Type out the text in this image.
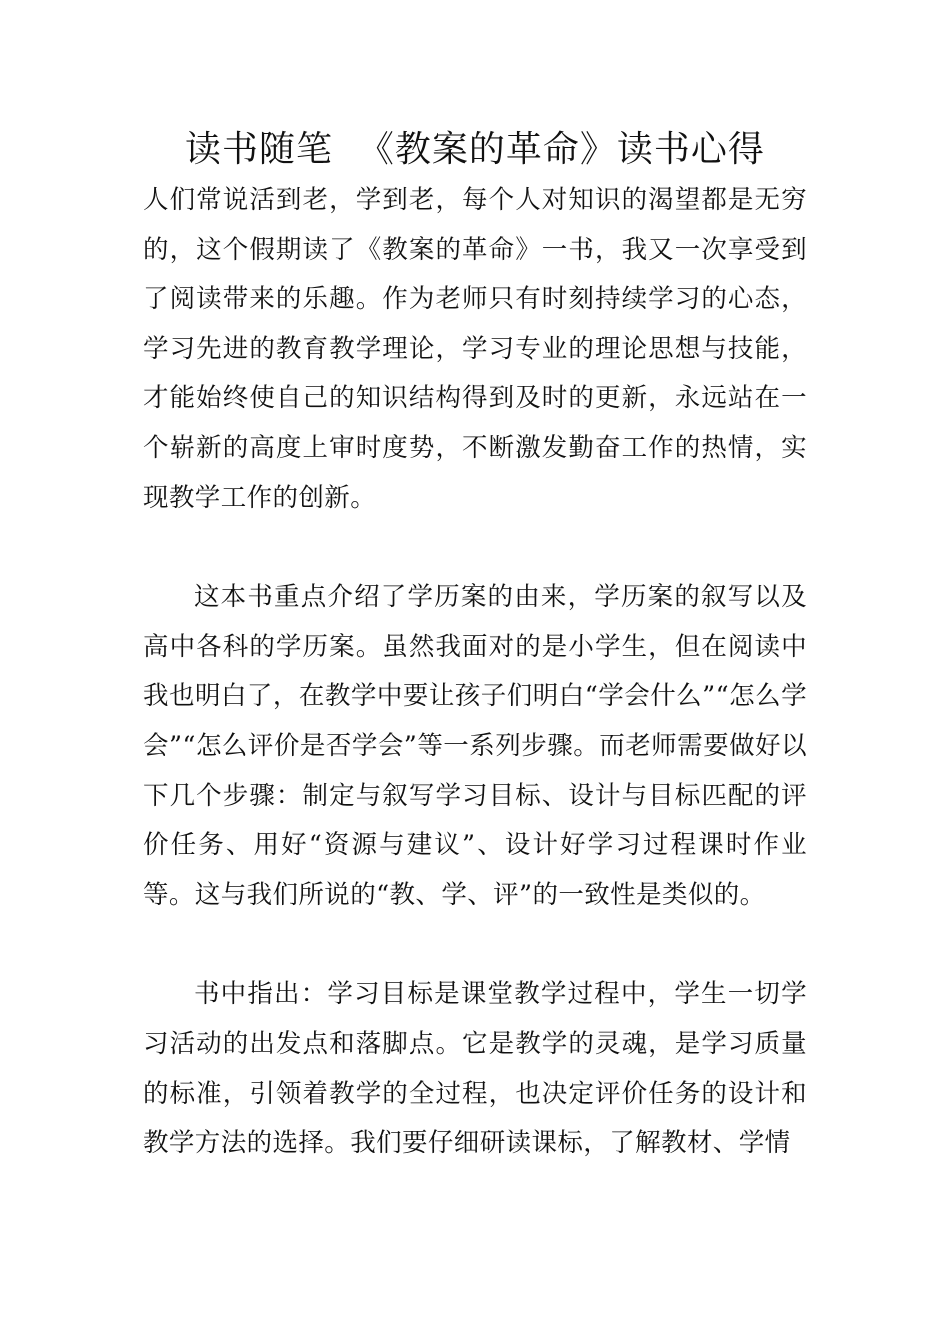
读书随笔  《教案的革命》读书心得

人们常说活到老，学到老，每个人对知识的渴望都是无穷的，这个假期读了《教案的革命》一书，我又一次享受到了阅读带来的乐趣。作为老师只有时刻持续学习的心态，学习先进的教育教学理论，学习专业的理论思想与技能，才能始终使自己的知识结构得到及时的更新，永远站在一个崭新的高度上审时度势，不断激发勤奋工作的热情，实现教学工作的创新。

这本书重点介绍了学历案的由来，学历案的叙写以及高中各科的学历案。虽然我面对的是小学生，但在阅读中我也明白了，在教学中要让孩子们明白“学会什么”“怎么学会”“怎么评价是否学会”等一系列步骤。而老师需要做好以下几个步骤：制定与叙写学习目标、设计与目标匹配的评价任务、用好“资源与建议”、设计好学习过程课时作业等。这与我们所说的“教、学、评”的一致性是类似的。

书中指出：学习目标是课堂教学过程中，学生一切学习活动的出发点和落脚点。它是教学的灵魂，是学习质量的标准，引领着教学的全过程，也决定评价任务的设计和教学方法的选择。我们要仔细研读课标，了解教材、学情
